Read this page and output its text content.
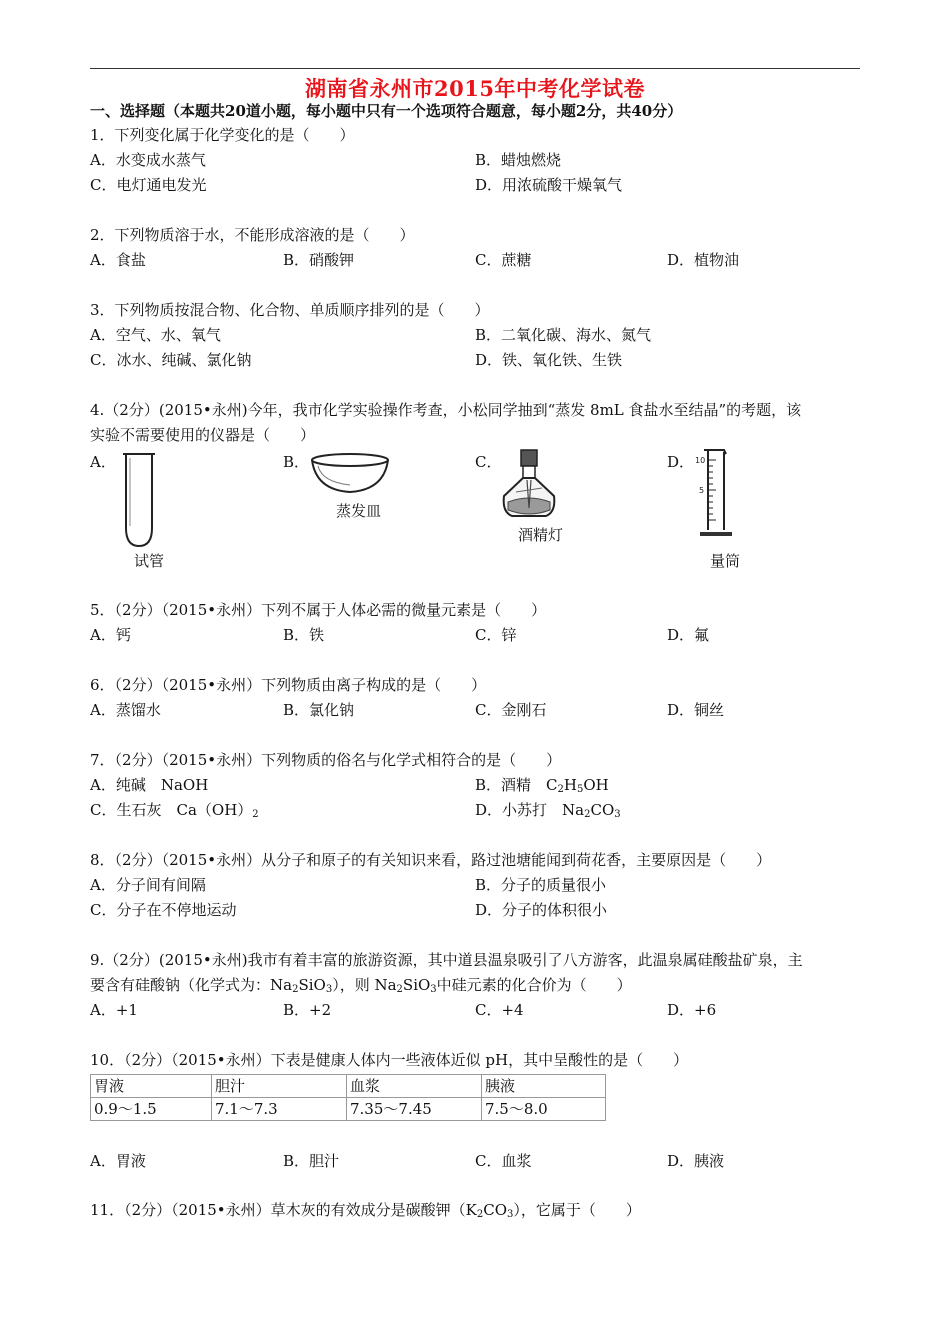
湖南省永州市2015年中考化学试卷
一、选择题（本题共20道小题，每小题中只有一个选项符合题意，每小题2分，共40分）
1．下列变化属于化学变化的是（　　）
A．水变成水蒸气	B．蜡烛燃烧
C．电灯通电发光	D．用浓硫酸干燥氧气
2．下列物质溶于水，不能形成溶液的是（　　）
A．食盐	B．硝酸钾	C．蔗糖	D．植物油
3．下列物质按混合物、化合物、单质顺序排列的是（　　）
A．空气、水、氧气	B．二氧化碳、海水、氮气
C．冰水、纯碱、氯化钠	D．铁、氧化铁、生铁
4.（2分）(2015•永州)今年，我市化学实验操作考查，小松同学抽到“蒸发 8mL 食盐水至结晶”的考题，该
实验不需要使用的仪器是（　　）
A．	B．	C．	D．
试管
蒸发皿
酒精灯
10
5
量筒
5．（2分）（2015•永州）下列不属于人体必需的微量元素是（　　）
A．钙	B．铁	C．锌	D．氟
6．（2分）（2015•永州）下列物质由离子构成的是（　　）
A．蒸馏水	B．氯化钠	C．金刚石	D．铜丝
7．（2分）（2015•永州）下列物质的俗名与化学式相符合的是（　　）
A．纯碱　NaOH	B．酒精　$C_2H_5OH$
C．生石灰　$Ca(OH)_2$	D．小苏打　$Na_2CO_3$
8．（2分）（2015•永州）从分子和原子的有关知识来看，路过池塘能闻到荷花香，主要原因是（　　）
A．分子间有间隔	B．分子的质量很小
C．分子在不停地运动	D．分子的体积很小
9.（2分）(2015•永州)我市有着丰富的旅游资源，其中道县温泉吸引了八方游客，此温泉属硅酸盐矿泉，主
要含有硅酸钠（化学式为：$Na_2SiO_3$），则 $Na_2SiO_3$中硅元素的化合价为（　　）
A．+1	B．+2	C．+4	D．+6
10．（2分）（2015•永州）下表是健康人体内一些液体近似 pH，其中呈酸性的是（　　）
胃液	胆汁	血浆	胰液
0.9～1.5	7.1～7.3	7.35～7.45	7.5～8.0
A．胃液	B．胆汁	C．血浆	D．胰液
11．（2分）（2015•永州）草木灰的有效成分是碳酸钾$(K_2CO_3)$，它属于（　　）
